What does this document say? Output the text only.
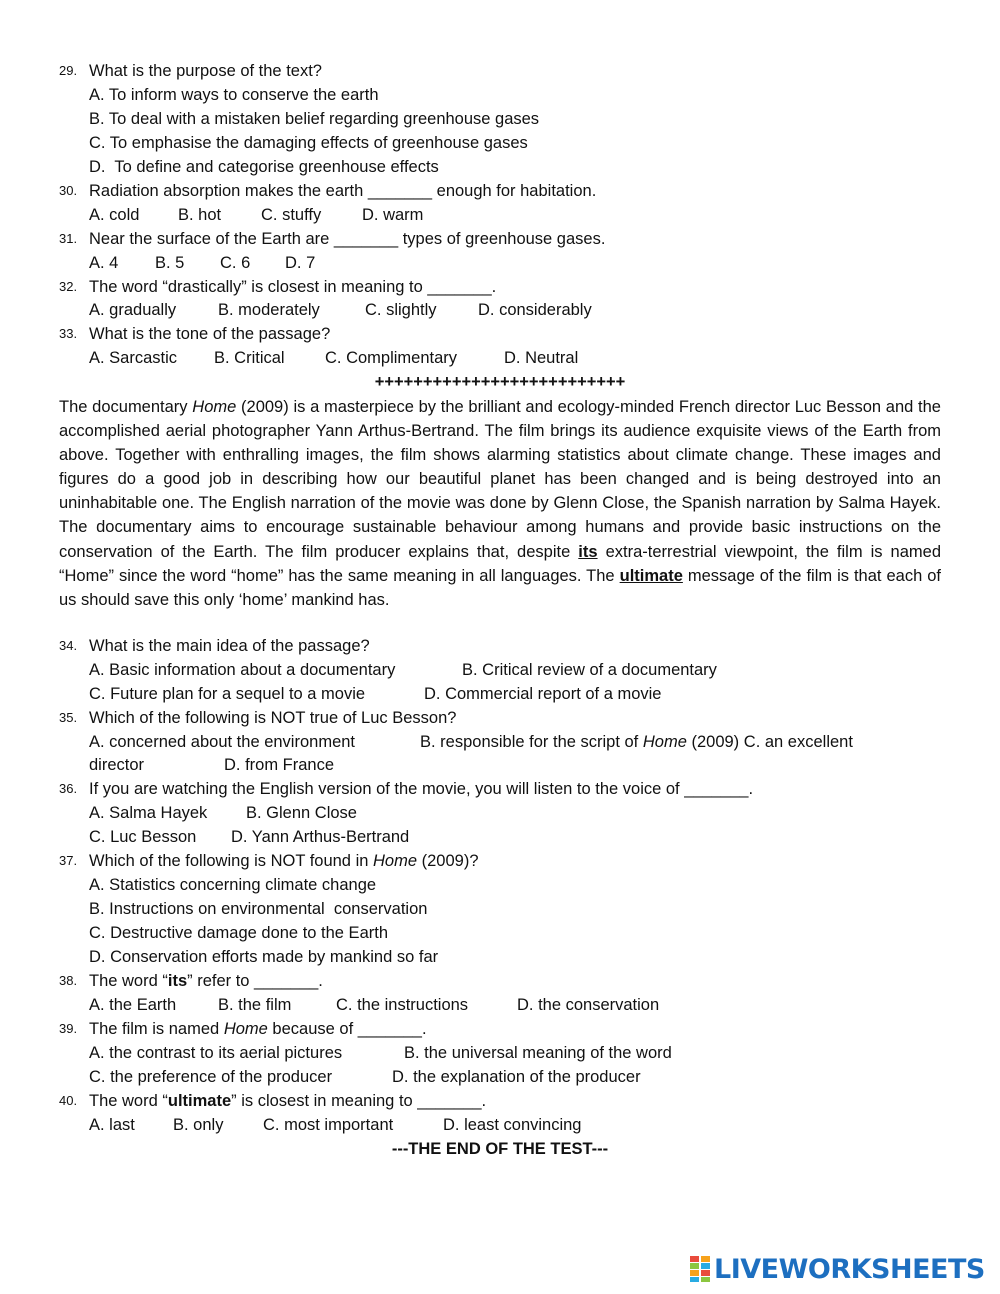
29. What is the purpose of the text?
A. To inform ways to conserve the earth
B. To deal with a mistaken belief regarding greenhouse gases
C. To emphasise the damaging effects of greenhouse gases
D.  To define and categorise greenhouse effects
30. Radiation absorption makes the earth _______ enough for habitation.
A. cold B. hot C. stuffy D. warm
31. Near the surface of the Earth are _______ types of greenhouse gases.
A. 4 B. 5 C. 6 D. 7
32. The word “drastically” is closest in meaning to _______.
A. gradually	B. moderately	C. slightly	D. considerably
33. What is the tone of the passage?
A. Sarcastic B. Critical C. Complimentary	D. Neutral
++++++++++++++++++++++++++
The documentary Home (2009) is a masterpiece by the brilliant and ecology-minded French director Luc Besson and the accomplished aerial photographer Yann Arthus-Bertrand. The film brings its audience exquisite views of the Earth from above. Together with enthralling images, the film shows alarming statistics about climate change. These images and figures do a good job in describing how our beautiful planet has been changed and is being destroyed into an uninhabitable one. The English narration of the movie was done by Glenn Close, the Spanish narration by Salma Hayek. The documentary aims to encourage sustainable behaviour among humans and provide basic instructions on the conservation of the Earth. The film producer explains that, despite its extra-terrestrial viewpoint, the film is named “Home” since the word “home” has the same meaning in all languages. The ultimate message of the film is that each of us should save this only ‘home’ mankind has.
34. What is the main idea of the passage?
A. Basic information about a documentary	B. Critical review of a documentary
C. Future plan for a sequel to a movie	D. Commercial report of a movie
35. Which of the following is NOT true of Luc Besson?
A. concerned about the environment	B. responsible for the script of Home (2009) C. an excellent
director	D. from France
36. If you are watching the English version of the movie, you will listen to the voice of _______.
A. Salma Hayek B. Glenn Close
C. Luc Besson D. Yann Arthus-Bertrand
37. Which of the following is NOT found in Home (2009)?
A. Statistics concerning climate change
B. Instructions on environmental  conservation
C. Destructive damage done to the Earth
D. Conservation efforts made by mankind so far
38. The word “its” refer to _______.
A. the Earth	B. the film	C. the instructions	D. the conservation
39. The film is named Home because of _______.
A. the contrast to its aerial pictures	B. the universal meaning of the word
C. the preference of the producer	D. the explanation of the producer
40. The word “ultimate” is closest in meaning to _______.
A. last B. only C. most important	D. least convincing
---THE END OF THE TEST---
LIVEWORKSHEETS
